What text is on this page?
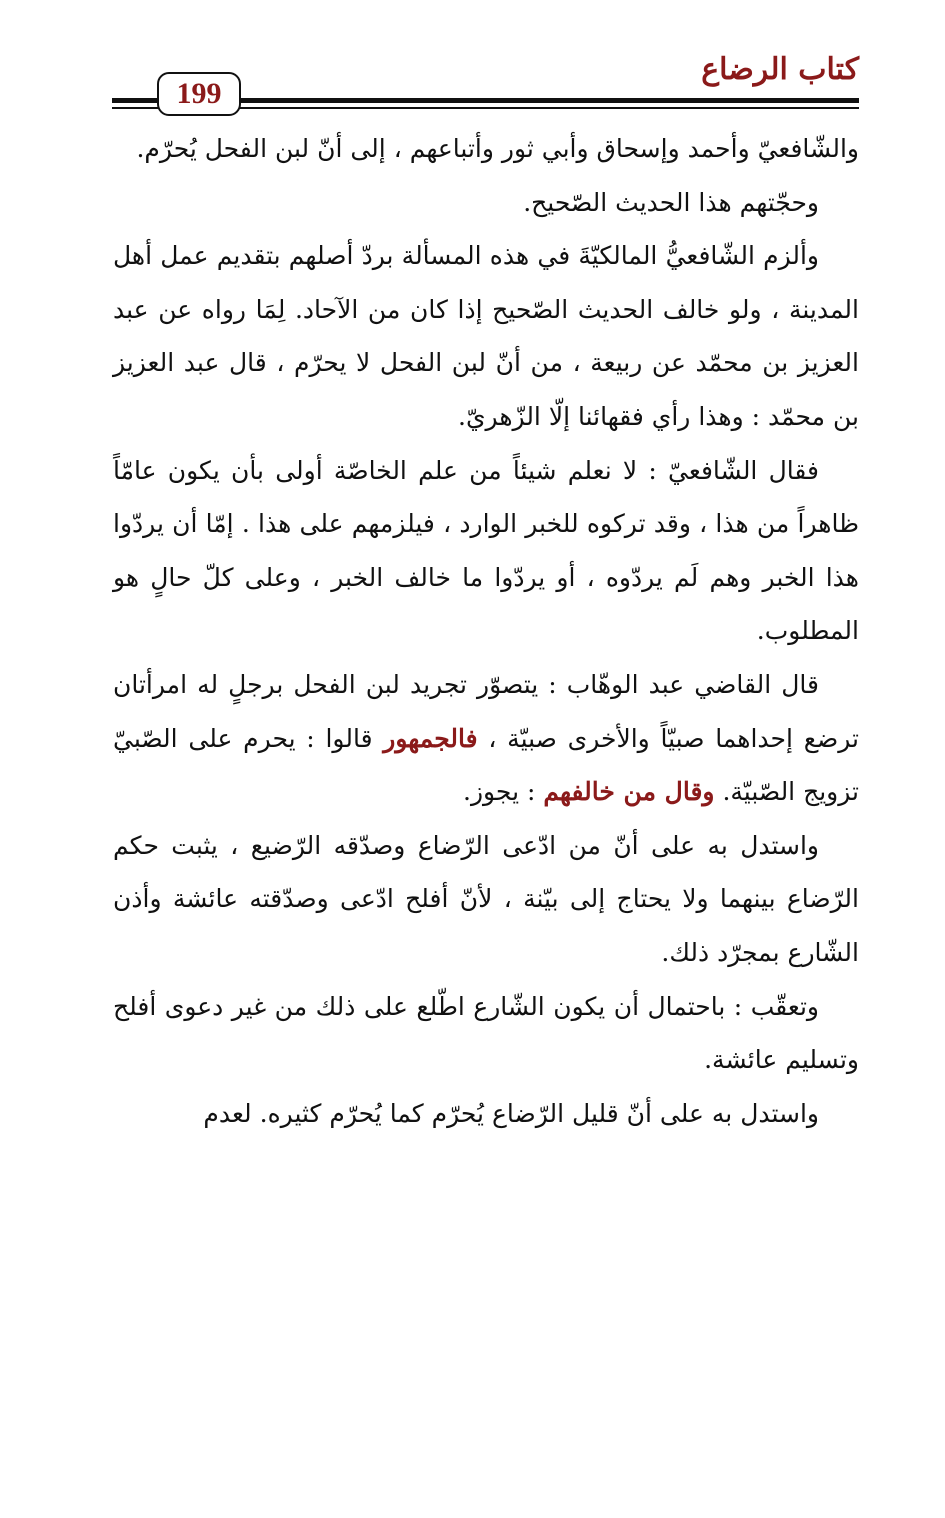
كتاب الرضاع
199

والشّافعيّ وأحمد وإسحاق وأبي ثور وأتباعهم ، إلى أنّ لبن الفحل يُحرّم.

وحجّتهم هذا الحديث الصّحيح.

وألزم الشّافعيُّ المالكيّةَ في هذه المسألة بردّ أصلهم بتقديم عمل أهل المدينة ، ولو خالف الحديث الصّحيح إذا كان من الآحاد. لِمَا رواه عن عبد العزيز بن محمّد عن ربيعة ، من أنّ لبن الفحل لا يحرّم ، قال عبد العزيز بن محمّد : وهذا رأي فقهائنا إلّا الزّهريّ.

فقال الشّافعيّ : لا نعلم شيئاً من علم الخاصّة أولى بأن يكون عامّاً ظاهراً من هذا ، وقد تركوه للخبر الوارد ، فيلزمهم على هذا . إمّا أن يردّوا هذا الخبر وهم لَم يردّوه ، أو يردّوا ما خالف الخبر ، وعلى كلّ حالٍ هو المطلوب.

قال القاضي عبد الوهّاب : يتصوّر تجريد لبن الفحل برجلٍ له امرأتان ترضع إحداهما صبيّاً والأخرى صبيّة ، فالجمهور قالوا : يحرم على الصّبيّ تزويج الصّبيّة. وقال من خالفهم : يجوز.

واستدل به على أنّ من ادّعى الرّضاع وصدّقه الرّضيع ، يثبت حكم الرّضاع بينهما ولا يحتاج إلى بيّنة ، لأنّ أفلح ادّعى وصدّقته عائشة وأذن الشّارع بمجرّد ذلك.

وتعقّب : باحتمال أن يكون الشّارع اطّلع على ذلك من غير دعوى أفلح وتسليم عائشة.

واستدل به على أنّ قليل الرّضاع يُحرّم كما يُحرّم كثيره. لعدم
